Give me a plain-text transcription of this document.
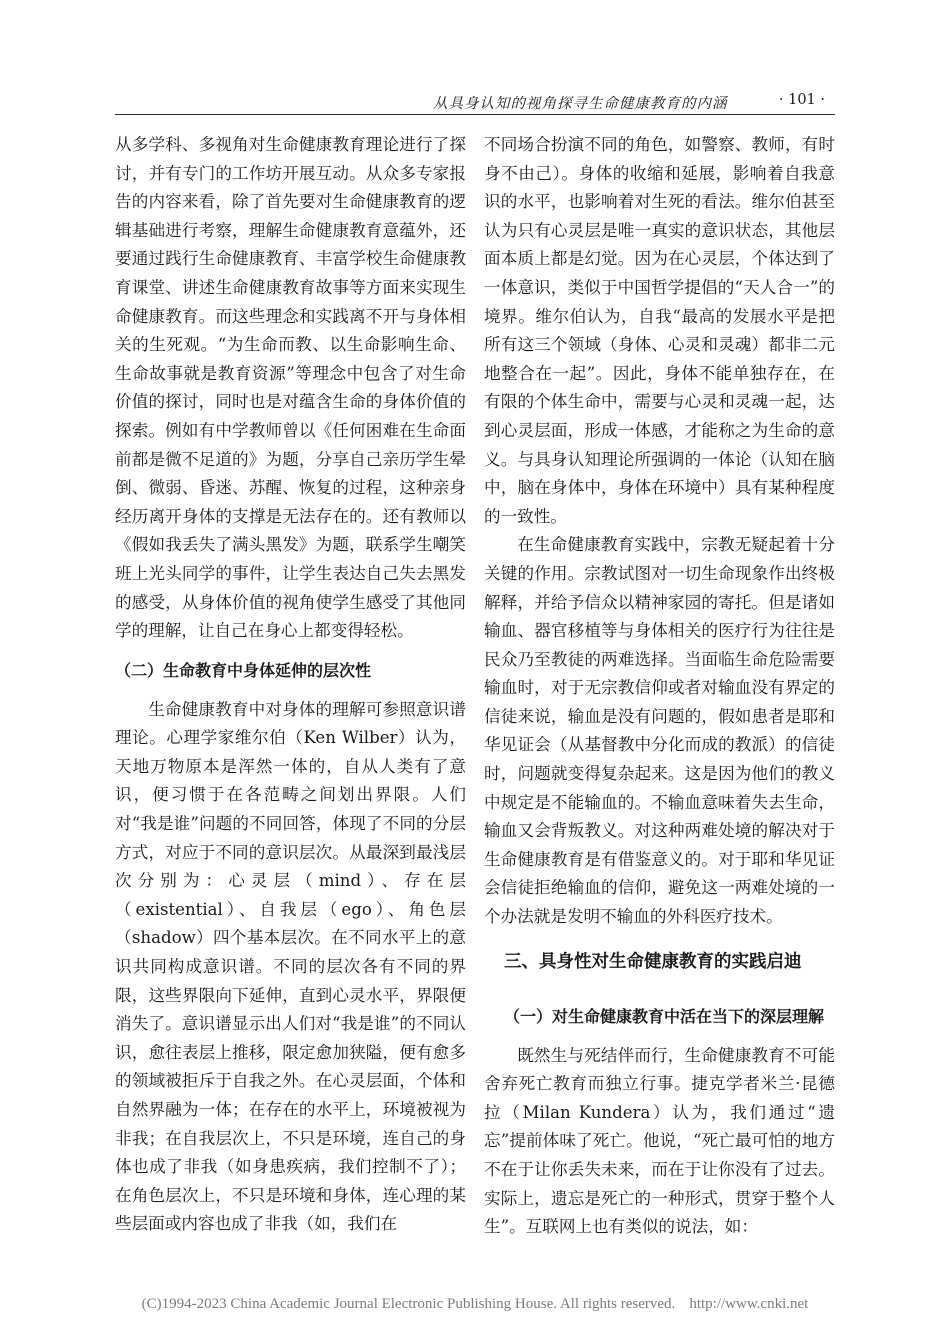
从具身认知的视角探寻生命健康教育的内涵	· 101 ·

从多学科、多视角对生命健康教育理论进行了探讨，并有专门的工作坊开展互动。从众多专家报告的内容来看，除了首先要对生命健康教育的逻辑基础进行考察，理解生命健康教育意蕴外，还要通过践行生命健康教育、丰富学校生命健康教育课堂、讲述生命健康教育故事等方面来实现生命健康教育。而这些理念和实践离不开与身体相关的生死观。“为生命而教、以生命影响生命、生命故事就是教育资源”等理念中包含了对生命价值的探讨，同时也是对蕴含生命的身体价值的探索。例如有中学教师曾以《任何困难在生命面前都是微不足道的》为题，分享自己亲历学生晕倒、微弱、昏迷、苏醒、恢复的过程，这种亲身经历离开身体的支撑是无法存在的。还有教师以《假如我丢失了满头黑发》为题，联系学生嘲笑班上光头同学的事件，让学生表达自己失去黑发的感受，从身体价值的视角使学生感受了其他同学的理解，让自己在身心上都变得轻松。

（二）生命教育中身体延伸的层次性

生命健康教育中对身体的理解可参照意识谱理论。心理学家维尔伯（Ken Wilber）认为，天地万物原本是浑然一体的，自从人类有了意识，便习惯于在各范畴之间划出界限。人们对“我是谁”问题的不同回答，体现了不同的分层方式，对应于不同的意识层次。从最深到最浅层次分别为：心灵层（mind）、存在层（existential）、自我层（ego）、角色层（shadow）四个基本层次。在不同水平上的意识共同构成意识谱。不同的层次各有不同的界限，这些界限向下延伸，直到心灵水平，界限便消失了。意识谱显示出人们对“我是谁”的不同认识，愈往表层上推移，限定愈加狭隘，便有愈多的领域被拒斥于自我之外。在心灵层面，个体和自然界融为一体；在存在的水平上，环境被视为非我；在自我层次上，不只是环境，连自己的身体也成了非我（如身患疾病，我们控制不了）；在角色层次上，不只是环境和身体，连心理的某些层面或内容也成了非我（如，我们在

不同场合扮演不同的角色，如警察、教师，有时身不由己）。身体的收缩和延展，影响着自我意识的水平，也影响着对生死的看法。维尔伯甚至认为只有心灵层是唯一真实的意识状态，其他层面本质上都是幻觉。因为在心灵层，个体达到了一体意识，类似于中国哲学提倡的“天人合一”的境界。维尔伯认为，自我“最高的发展水平是把所有这三个领域（身体、心灵和灵魂）都非二元地整合在一起”。因此，身体不能单独存在，在有限的个体生命中，需要与心灵和灵魂一起，达到心灵层面，形成一体感，才能称之为生命的意义。与具身认知理论所强调的一体论（认知在脑中，脑在身体中，身体在环境中）具有某种程度的一致性。

在生命健康教育实践中，宗教无疑起着十分关键的作用。宗教试图对一切生命现象作出终极解释，并给予信众以精神家园的寄托。但是诸如输血、器官移植等与身体相关的医疗行为往往是民众乃至教徒的两难选择。当面临生命危险需要输血时，对于无宗教信仰或者对输血没有界定的信徒来说，输血是没有问题的，假如患者是耶和华见证会（从基督教中分化而成的教派）的信徒时，问题就变得复杂起来。这是因为他们的教义中规定是不能输血的。不输血意味着失去生命，输血又会背叛教义。对这种两难处境的解决对于生命健康教育是有借鉴意义的。对于耶和华见证会信徒拒绝输血的信仰，避免这一两难处境的一个办法就是发明不输血的外科医疗技术。

三、具身性对生命健康教育的实践启迪

（一）对生命健康教育中活在当下的深层理解

既然生与死结伴而行，生命健康教育不可能舍弃死亡教育而独立行事。捷克学者米兰·昆德拉（Milan Kundera）认为，我们通过“遗忘”提前体味了死亡。他说，“死亡最可怕的地方不在于让你丢失未来，而在于让你没有了过去。实际上，遗忘是死亡的一种形式，贯穿于整个人生”。互联网上也有类似的说法，如：

(C)1994-2023 China Academic Journal Electronic Publishing House. All rights reserved. http://www.cnki.net
